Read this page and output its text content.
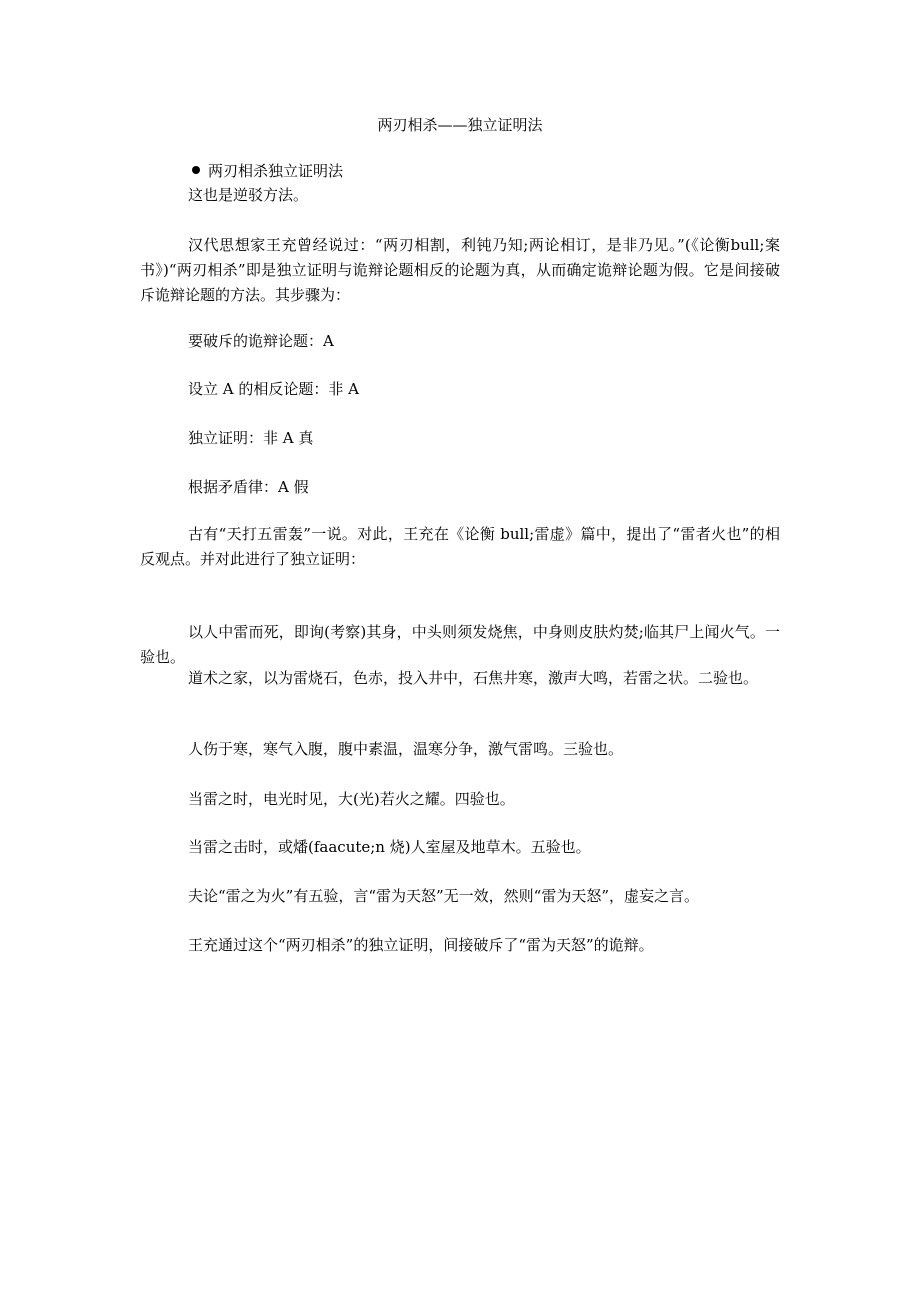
两刃相杀——独立证明法
两刃相杀独立证明法
这也是逆驳方法。
汉代思想家王充曾经说过：“两刃相割，利钝乃知;两论相订，是非乃见。”(《论衡bull;案书》)“两刃相杀”即是独立证明与诡辩论题相反的论题为真，从而确定诡辩论题为假。它是间接破斥诡辩论题的方法。其步骤为：
要破斥的诡辩论题：A
设立 A 的相反论题：非 A
独立证明：非 A 真
根据矛盾律：A 假
古有“天打五雷轰”一说。对此，王充在《论衡 bull;雷虚》篇中，提出了“雷者火也”的相反观点。并对此进行了独立证明：
以人中雷而死，即询(考察)其身，中头则须发烧焦，中身则皮肤灼焚;临其尸上闻火气。一验也。
道术之家，以为雷烧石，色赤，投入井中，石焦井寒，激声大鸣，若雷之状。二验也。
人伤于寒，寒气入腹，腹中素温，温寒分争，激气雷鸣。三验也。
当雷之时，电光时见，大(光)若火之耀。四验也。
当雷之击时，或燔(faacute;n 烧)人室屋及地草木。五验也。
夫论“雷之为火”有五验，言“雷为天怒”无一效，然则“雷为天怒”，虚妄之言。
王充通过这个“两刃相杀”的独立证明，间接破斥了“雷为天怒”的诡辩。
